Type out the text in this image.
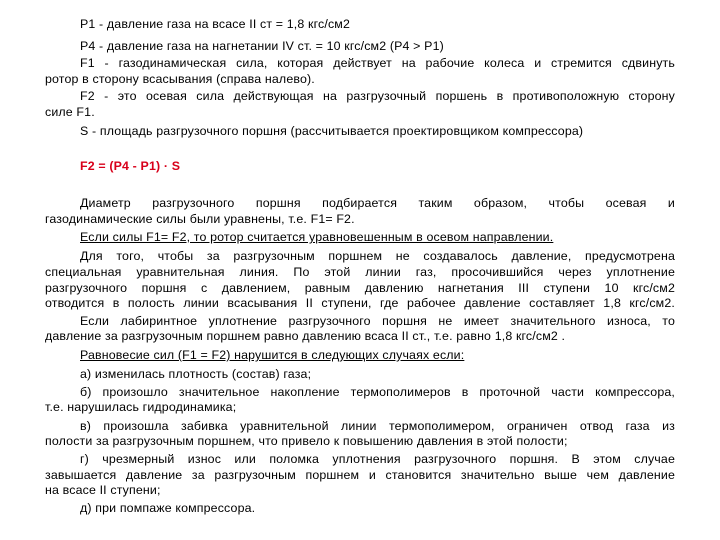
P1 - давление газа на всасе II ст = 1,8 кгс/см2
P4 - давление газа на нагнетании IV ст. = 10 кгс/см2 (P4 > P1)
F1 - газодинамическая сила, которая действует на рабочие колеса и стремится сдвинуть
ротор в сторону всасывания (справа налево).
F2 - это осевая сила действующая на разгрузочный поршень в противоположную сторону
силе F1.
S - площадь разгрузочного поршня (рассчитывается проектировщиком компрессора)
F2 = (P4 - P1) · S
Диаметр разгрузочного поршня подбирается таким образом, чтобы осевая и
газодинамические силы были уравнены, т.е. F1= F2.
Если силы F1= F2, то ротор считается уравновешенным в осевом направлении.
Для того, чтобы за разгрузочным поршнем не создавалось давление, предусмотрена
специальная уравнительная линия. По этой линии газ, просочившийся через уплотнение
разгрузочного поршня с давлением, равным давлению нагнетания III ступени 10 кгс/см2
отводится в полость линии всасывания II ступени, где рабочее давление составляет 1,8 кгс/см2.
Если лабиринтное уплотнение разгрузочного поршня не имеет значительного износа, то
давление за разгрузочным поршнем равно давлению всаса II ст., т.е. равно 1,8 кгс/см2 .
Равновесие сил (F1 = F2) нарушится в следующих случаях если:
а) изменилась плотность (состав) газа;
б) произошло значительное накопление термополимеров в проточной части компрессора,
т.е. нарушилась гидродинамика;
в) произошла забивка уравнительной линии термополимером, ограничен отвод газа из
полости за разгрузочным поршнем, что привело к повышению давления в этой полости;
г) чрезмерный износ или поломка уплотнения разгрузочного поршня. В этом случае
завышается давление за разгрузочным поршнем и становится значительно выше чем давление
на всасе II ступени;
д) при помпаже компрессора.
